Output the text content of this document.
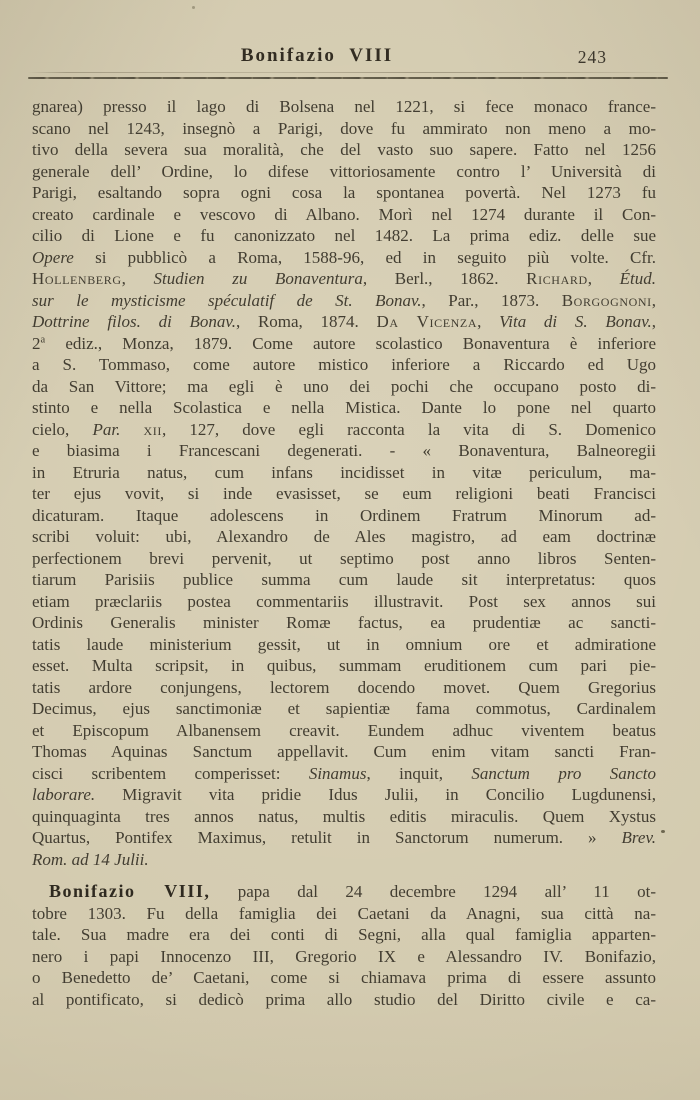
Bonifazio VIII	243
gnarea) presso il lago di Bolsena nel 1221, si fece monaco france-
scano nel 1243, insegnò a Parigi, dove fu ammirato non meno a mo-
tivo della severa sua moralità, che del vasto suo sapere. Fatto nel 1256
generale dell’ Ordine, lo difese vittoriosamente contro l’ Università di
Parigi, esaltando sopra ogni cosa la spontanea povertà. Nel 1273 fu
creato cardinale e vescovo di Albano. Morì nel 1274 durante il Con-
cilio di Lione e fu canonizzato nel 1482. La prima ediz. delle sue
Opere si pubblicò a Roma, 1588-96, ed in seguito più volte. Cfr.
Hollenberg, Studien zu Bonaventura, Berl., 1862. Richard, Étud.
sur le mysticisme spéculatif de St. Bonav., Par., 1873. Borgognoni,
Dottrine filos. di Bonav., Roma, 1874. Da Vicenza, Vita di S. Bonav.,
2$^a$ ediz., Monza, 1879. Come autore scolastico Bonaventura è inferiore
a S. Tommaso, come autore mistico inferiore a Riccardo ed Ugo
da San Vittore; ma egli è uno dei pochi che occupano posto di-
stinto e nella Scolastica e nella Mistica. Dante lo pone nel quarto
cielo, Par. xii, 127, dove egli racconta la vita di S. Domenico
e biasima i Francescani degenerati. - « Bonaventura, Balneoregii
in Etruria natus, cum infans incidisset in vitæ periculum, ma-
ter ejus vovit, si inde evasisset, se eum religioni beati Francisci
dicaturam. Itaque adolescens in Ordinem Fratrum Minorum ad-
scribi voluit: ubi, Alexandro de Ales magistro, ad eam doctrinæ
perfectionem brevi pervenit, ut septimo post anno libros Senten-
tiarum Parisiis publice summa cum laude sit interpretatus: quos
etiam præclariis postea commentariis illustravit. Post sex annos sui
Ordinis Generalis minister Romæ factus, ea prudentiæ ac sancti-
tatis laude ministerium gessit, ut in omnium ore et admiratione
esset. Multa scripsit, in quibus, summam eruditionem cum pari pie-
tatis ardore conjungens, lectorem docendo movet. Quem Gregorius
Decimus, ejus sanctimoniæ et sapientiæ fama commotus, Cardinalem
et Episcopum Albanensem creavit. Eundem adhuc viventem beatus
Thomas Aquinas Sanctum appellavit. Cum enim vitam sancti Fran-
cisci scribentem comperisset: Sinamus, inquit, Sanctum pro Sancto
laborare. Migravit vita pridie Idus Julii, in Concilio Lugdunensi,
quinquaginta tres annos natus, multis editis miraculis. Quem Xystus
Quartus, Pontifex Maximus, retulit in Sanctorum numerum. » Brev.
Rom. ad 14 Julii.
Bonifazio VIII, papa dal 24 decembre 1294 all’ 11 ot-
tobre 1303. Fu della famiglia dei Caetani da Anagni, sua città na-
tale. Sua madre era dei conti di Segni, alla qual famiglia apparten-
nero i papi Innocenzo III, Gregorio IX e Alessandro IV. Bonifazio,
o Benedetto de’ Caetani, come si chiamava prima di essere assunto
al pontificato, si dedicò prima allo studio del Diritto civile e ca-
